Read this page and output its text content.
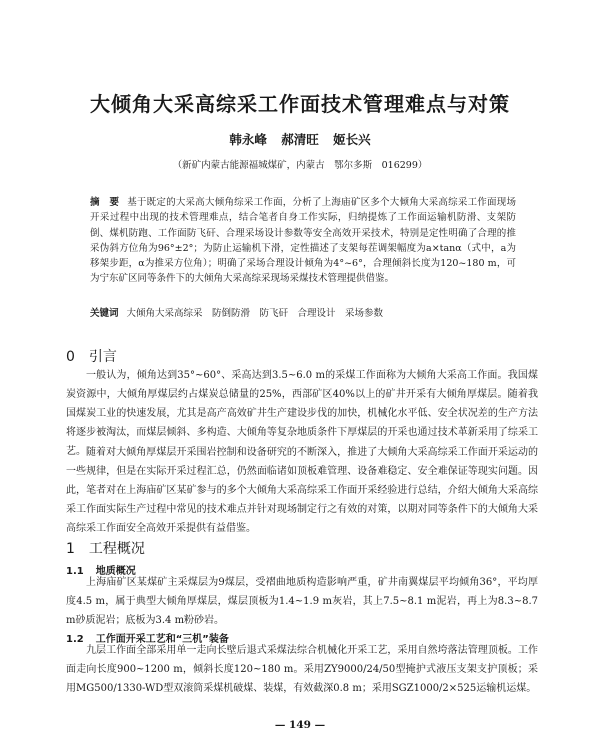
大倾角大采高综采工作面技术管理难点与对策
韩永峰 郝清旺 姬长兴
（新矿内蒙古能源福城煤矿，内蒙古　鄂尔多斯　016299）
摘　要 基于既定的大采高大倾角综采工作面，分析了上海庙矿区多个大倾角大采高综采工作面现场开采过程中出现的技术管理难点，结合笔者自身工作实际，归纳提炼了工作面运输机防滑、支架防倒、煤机防跑、工作面防飞矸、合理采场设计参数等安全高效开采技术，特别是定性明确了合理的推采伪斜方位角为96°±2°；为防止运输机下滑，定性描述了支架每茬调架幅度为a×tanα（式中，a为移架步距，α为推采方位角）；明确了采场合理设计倾角为4°~6°，合理倾斜长度为120~180 m，可为宁东矿区同等条件下的大倾角大采高综采现场采煤技术管理提供借鉴。
关键词 大倾角大采高综采　防倒防滑　防飞矸　合理设计　采场参数
0 引言
一般认为，倾角达到35°~60°、采高达到3.5~6.0 m的采煤工作面称为大倾角大采高工作面。我国煤炭资源中，大倾角厚煤层约占煤炭总储量的25%，西部矿区40%以上的矿井开采有大倾角厚煤层。随着我国煤炭工业的快速发展，尤其是高产高效矿井生产建设步伐的加快，机械化水平低、安全状况差的生产方法将逐步被淘汰，而煤层倾斜、多构造、大倾角等复杂地质条件下厚煤层的开采也通过技术革新采用了综采工艺。 随着对大倾角厚煤层开采围岩控制和设备研究的不断深入，推进了大倾角大采高综采工作面开采运动的一些规律，但是在实际开采过程汇总，仍然面临诸如顶板难管理、设备难稳定、安全难保证等现实问题。因此，笔者对在上海庙矿区某矿参与的多个大倾角大采高综采工作面开采经验进行总结，介绍大倾角大采高综采工作面实际生产过程中常见的技术难点并针对现场制定行之有效的对策，以期对同等条件下的大倾角大采高综采工作面安全高效开采提供有益借鉴。
1 工程概况
1.1 地质概况
上海庙矿区某煤矿主采煤层为9煤层，受褶曲地质构造影响严重，矿井南翼煤层平均倾角36°，平均厚度4.5 m，属于典型大倾角厚煤层，煤层顶板为1.4~1.9 m灰岩，其上7.5~8.1 m泥岩，再上为8.3~8.7 m砂质泥岩；底板为3.4 m粉砂岩。
1.2 工作面开采工艺和“三机”装备
九层工作面全部采用单一走向长壁后退式采煤法综合机械化开采工艺，采用自然垮落法管理顶板。工作面走向长度900~1200 m，倾斜长度120~180 m。采用ZY9000/24/50型掩护式液压支架支护顶板；采用MG500/1330-WD型双滚筒采煤机破煤、装煤，有效截深0.8 m；采用SGZ1000/2×525运输机运煤。
— 149 —
